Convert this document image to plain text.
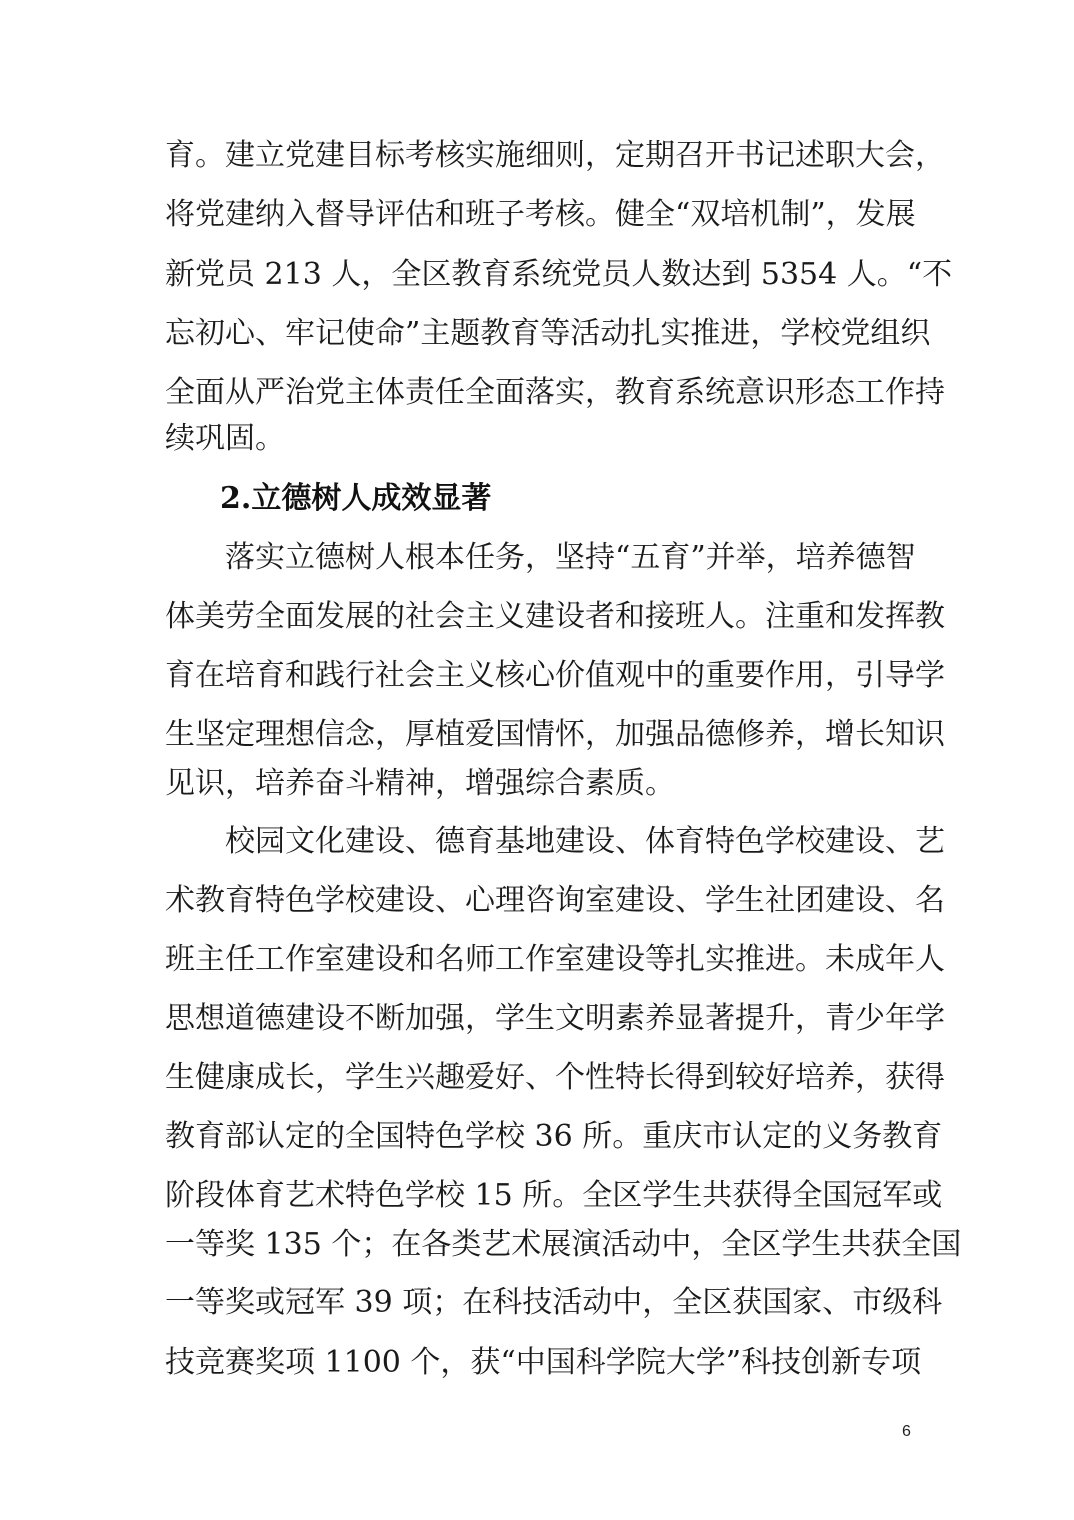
育。建立党建目标考核实施细则，定期召开书记述职大会，
将党建纳入督导评估和班子考核。健全“双培机制”，发展
新党员 213 人，全区教育系统党员人数达到 5354 人。“不
忘初心、牢记使命”主题教育等活动扎实推进，学校党组织
全面从严治党主体责任全面落实，教育系统意识形态工作持
续巩固。
2.立德树人成效显著
落实立德树人根本任务，坚持“五育”并举，培养德智
体美劳全面发展的社会主义建设者和接班人。注重和发挥教
育在培育和践行社会主义核心价值观中的重要作用，引导学
生坚定理想信念，厚植爱国情怀，加强品德修养，增长知识
见识，培养奋斗精神，增强综合素质。
校园文化建设、德育基地建设、体育特色学校建设、艺
术教育特色学校建设、心理咨询室建设、学生社团建设、名
班主任工作室建设和名师工作室建设等扎实推进。未成年人
思想道德建设不断加强，学生文明素养显著提升，青少年学
生健康成长，学生兴趣爱好、个性特长得到较好培养，获得
教育部认定的全国特色学校 36 所。重庆市认定的义务教育
阶段体育艺术特色学校 15 所。全区学生共获得全国冠军或
一等奖 135 个；在各类艺术展演活动中，全区学生共获全国
一等奖或冠军 39 项；在科技活动中，全区获国家、市级科
技竞赛奖项 1100 个，获“中国科学院大学”科技创新专项
6
